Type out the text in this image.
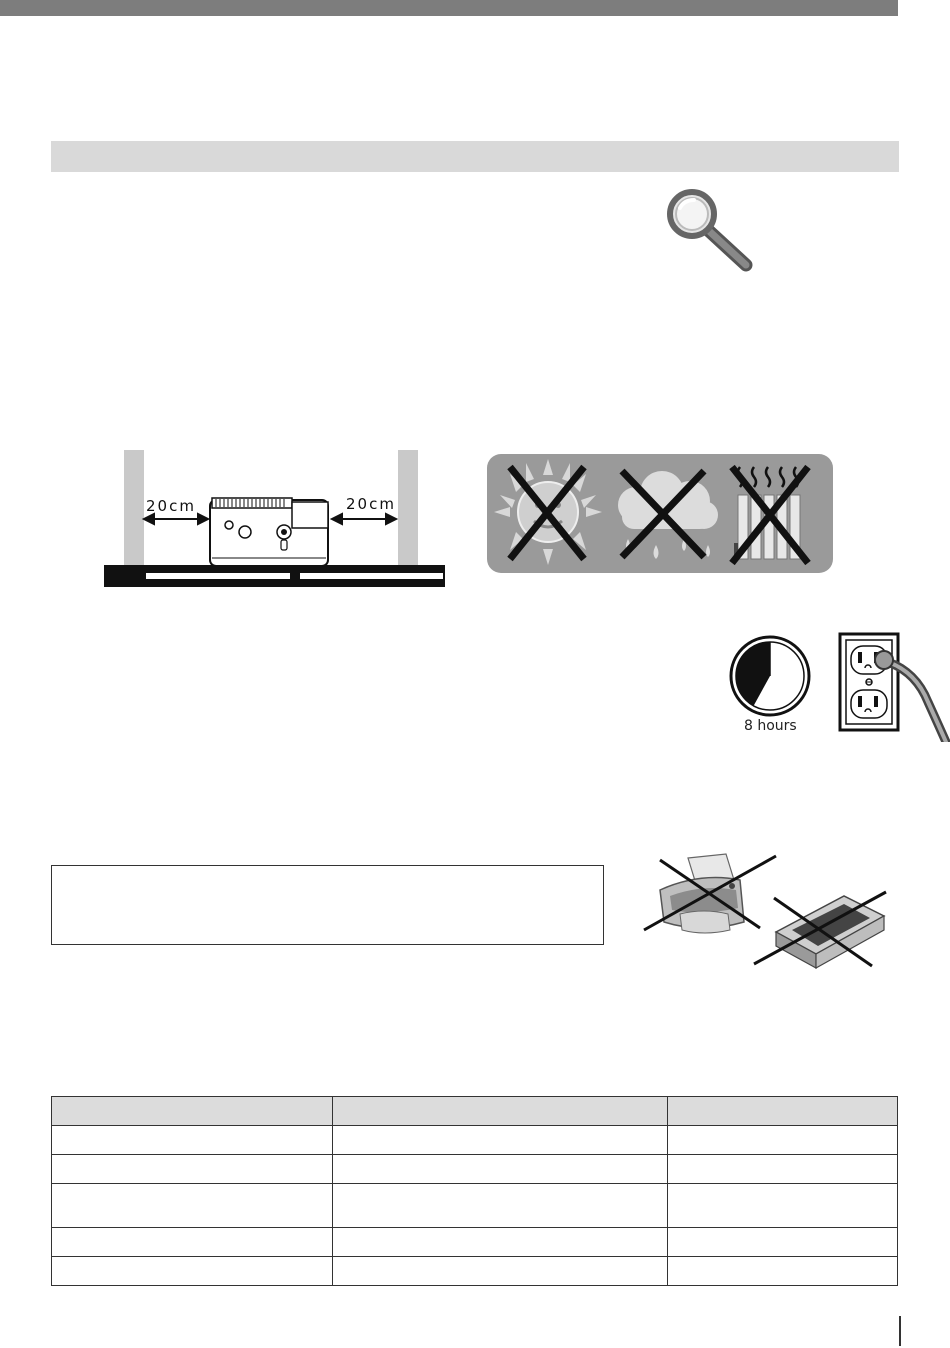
20cm	20cm
8 hours
